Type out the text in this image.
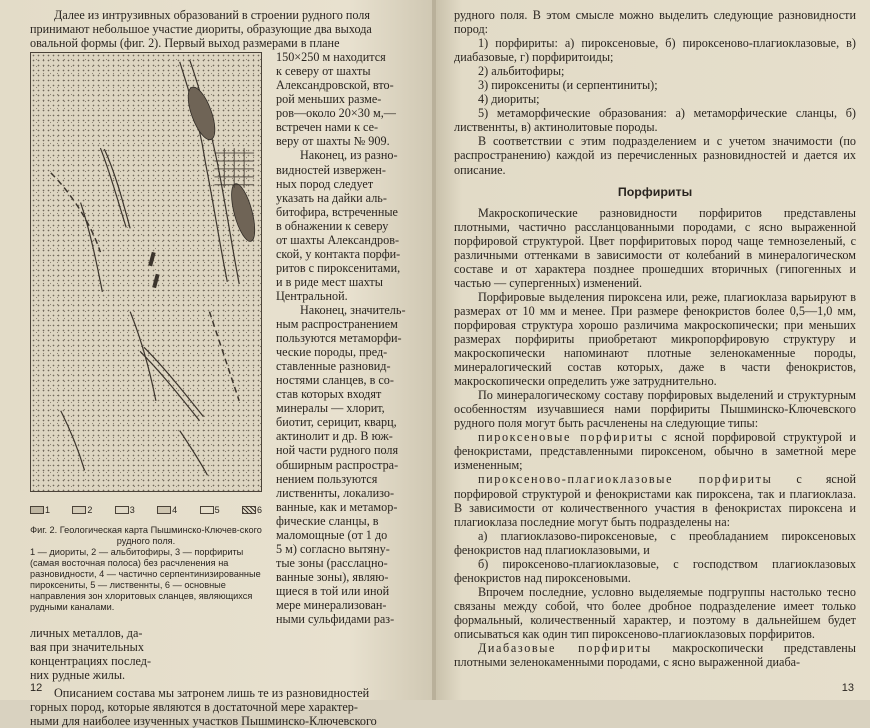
Далее из интрузивных образований в строении рудного поля

принимают небольшое участие диориты, образующие два выхода

овальной формы (фиг. 2). Первый выход размерами в плане

1	2	3	4	5	6
Фиг. 2. Геологическая карта Пышминско-Ключев-ского рудного поля.
1 — диориты, 2 — альбитофиры, 3 — порфириты (самая восточная полоса) без расчленения на разновидности, 4 — частично серпентинизированные пироксениты, 5 — лиственнты, 6 — основные направления зон хлоритовых сланцев, являющихся рудными каналами.

150×250 м находится

к северу от шахты

Александровской, вто-

рой меньших разме-

ров—около 20×30 м,—

встречен нами к се-

веру от шахты № 909.

Наконец, из разно-

видностей извержен-

ных пород следует

указать на дайки аль-

битофира, встреченные

в обнажении к северу

от шахты Александров-

ской, у контакта порфи-

ритов с пироксенитами,

и в риде мест шахты

Центральной.

Наконец, значитель-

ным распространением

пользуются метаморфи-

ческие породы, пред-

ставленные разновид-

ностями сланцев, в со-

став которых входят

минералы — хлорит,

биотит, серицит, кварц,

актинолит и др. В юж-

ной части рудного поля

обширным распростра-

нением пользуются

лиственнты, локализо-

ванные, как и метамор-

фические сланцы, в

маломощные (от 1 до

5 м) согласно вытяну-

тые зоны (расслацно-

ванные зоны), являю-

щиеся в той или иной

мере минерализован-

ными сульфидами раз-

личных металлов, да-

вая при значительных

концентрациях послед-

них рудные жилы.

Описанием состава мы затронем лишь те из разновидностей

горных пород, которые являются в достаточной мере характер-

ными для наиболее изученных участков Пышминско-Ключевского

12

рудного поля. В этом смысле можно выделить следующие разновидности пород:

1) порфириты: а) пироксеновые, б) пироксеново-плагиоклазовые, в) диабазовые, г) порфиритоиды;

2) альбитофиры;

3) пироксениты (и серпентиниты);

4) диориты;

5) метаморфические образования: а) метаморфические сланцы, б) лиственнты, в) актинолитовые породы.

В соответствии с этим подразделением и с учетом значимости (по распространению) каждой из перечисленных разновидностей и дается их описание.

Порфириты

Макроскопические разновидности порфиритов представлены плотными, частично рассланцованными породами, с ясно выраженной порфировой структурой. Цвет порфиритовых пород чаще темнозеленый, с различными оттенками в зависимости от колебаний в минералогическом составе и от характера позднее прошедших вторичных (гипогенных и частью — супергенных) изменений.

Порфировые выделения пироксена или, реже, плагиоклаза варьируют в размерах от 10 мм и менее. При размере фенокристов более 0,5—1,0 мм, порфировая структура хорошо различима макроскопически; при меньших размерах порфириты приобретают микропорфировую структуру и макроскопически напоминают плотные зеленокаменные породы, минералогический состав которых, даже в части фенокристов, макроскопически определить уже затруднительно.

По минералогическому составу порфировых выделений и структурным особенностям изучавшиеся нами порфириты Пышминско-Ключевского рудного поля могут быть расчленены на следующие типы:

пироксеновые порфириты с ясной порфировой структурой и фенокристами, представленными пироксеном, обычно в заметной мере измененным;

пироксеново-плагиоклазовые порфириты с ясной порфировой структурой и фенокристами как пироксена, так и плагиоклаза. В зависимости от количественного участия в фенокристах пироксена и плагиоклаза последние могут быть подразделены на:

а) плагиоклазово-пироксеновые, с преобладанием пироксеновых фенокристов над плагиоклазовыми, и

б) пироксеново-плагиоклазовые, с господством плагиоклазовых фенокристов над пироксеновыми.

Впрочем последние, условно выделяемые подгруппы настолько тесно связаны между собой, что более дробное подразделение имеет только формальный, количественный характер, и поэтому в дальнейшем будет описываться как один тип пироксеново-плагиоклазовых порфиритов.

Диабазовые порфириты макроскопически представлены плотными зеленокаменными породами, с ясно выраженной диаба-

13
